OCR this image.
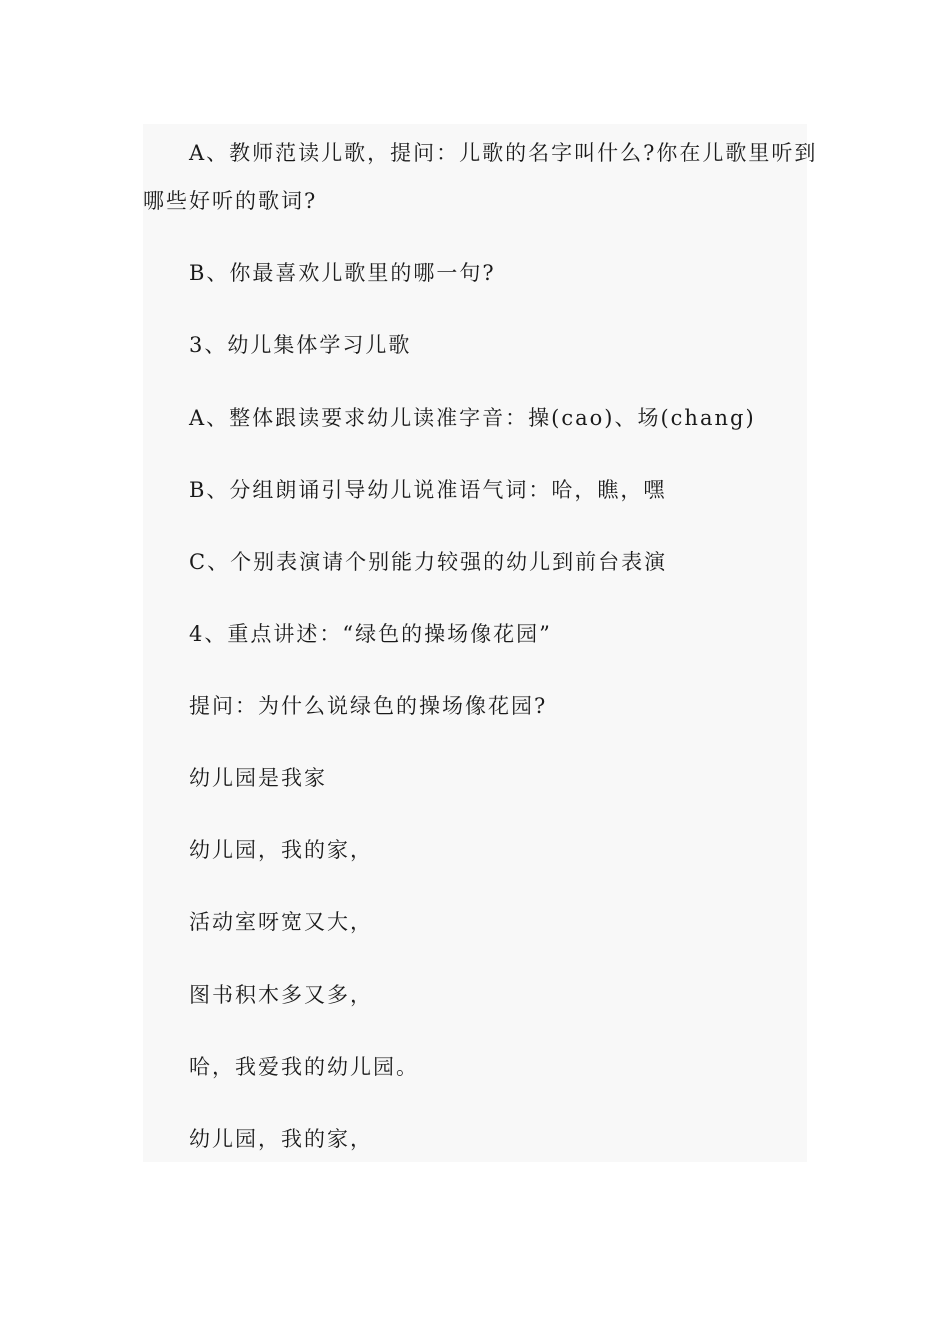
A、教师范读儿歌，提问：儿歌的名字叫什么?你在儿歌里听到
哪些好听的歌词?
B、你最喜欢儿歌里的哪一句?
3、幼儿集体学习儿歌
A、整体跟读要求幼儿读准字音：操(cao)、场(chang)
B、分组朗诵引导幼儿说准语气词：哈，瞧，嘿
C、个别表演请个别能力较强的幼儿到前台表演
4、重点讲述：“绿色的操场像花园”
提问：为什么说绿色的操场像花园?
幼儿园是我家
幼儿园，我的家，
活动室呀宽又大，
图书积木多又多，
哈，我爱我的幼儿园。
幼儿园，我的家，
